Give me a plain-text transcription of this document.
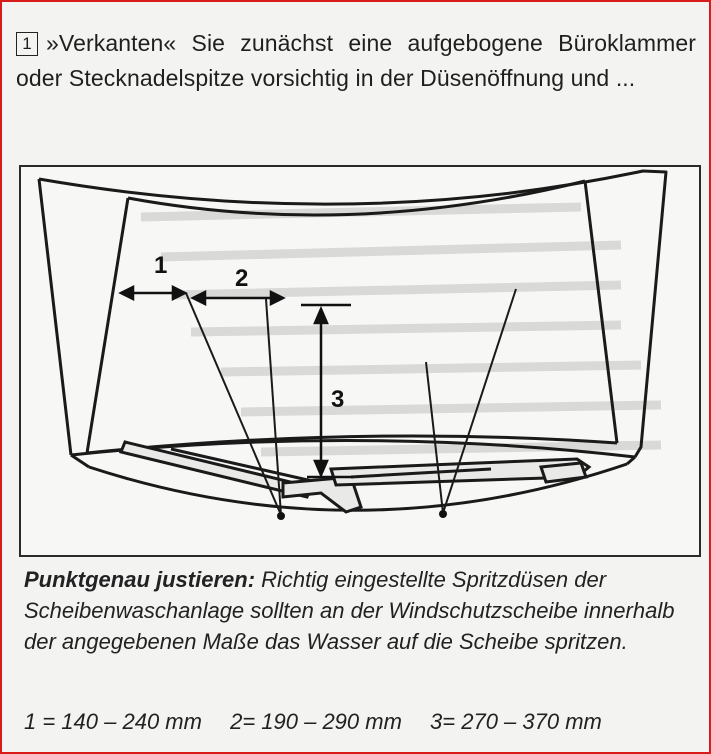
1 »Verkanten« Sie zunächst eine aufgebogene Büroklammer oder Stecknadelspitze vorsichtig in der Düsenöffnung und ...
1	2
3
Punktgenau justieren: Richtig eingestellte Spritzdüsen der Scheibenwaschanlage sollten an der Windschutzscheibe innerhalb der angegebenen Maße das Wasser auf die Scheibe spritzen.
1 = 140 – 240 mm 2= 190 – 290 mm 3= 270 – 370 mm
